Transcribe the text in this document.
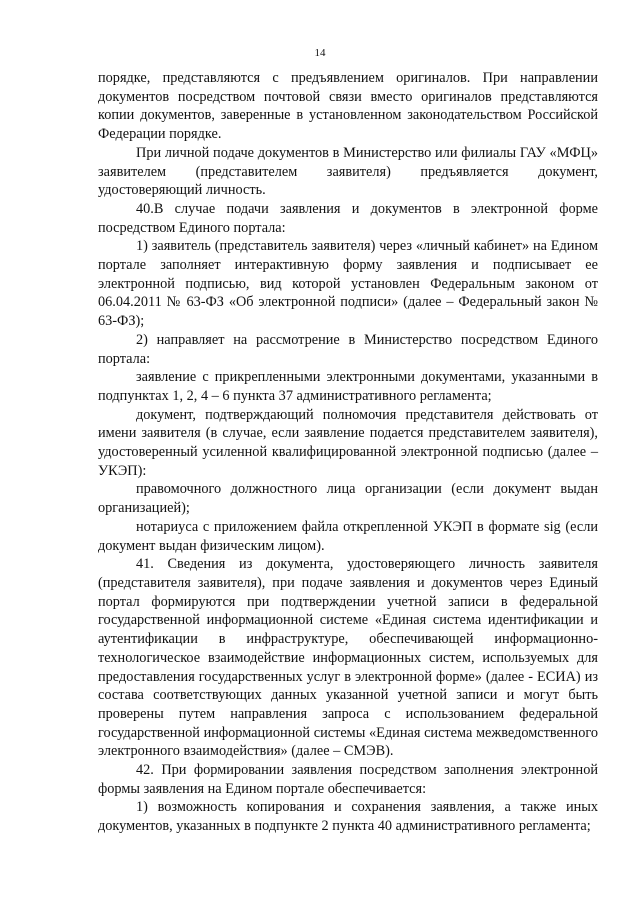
14

порядке, представляются с предъявлением оригиналов. При направлении документов посредством почтовой связи вместо оригиналов представляются копии документов, заверенные в установленном законодательством Российской Федерации порядке.

При личной подаче документов в Министерство или филиалы ГАУ «МФЦ» заявителем (представителем заявителя) предъявляется документ, удостоверяющий личность.

40.В случае подачи заявления и документов в электронной форме посредством Единого портала:

1) заявитель (представитель заявителя) через «личный кабинет» на Едином портале заполняет интерактивную форму заявления и подписывает ее электронной подписью, вид которой установлен Федеральным законом от 06.04.2011 № 63-ФЗ «Об электронной подписи» (далее – Федеральный закон № 63-ФЗ);

2) направляет на рассмотрение в Министерство посредством Единого портала:

заявление с прикрепленными электронными документами, указанными в подпунктах 1, 2, 4 – 6 пункта 37 административного регламента;

документ, подтверждающий полномочия представителя действовать от имени заявителя (в случае, если заявление подается представителем заявителя), удостоверенный усиленной квалифицированной электронной подписью (далее – УКЭП):

правомочного должностного лица организации (если документ выдан организацией);

нотариуса с приложением файла открепленной УКЭП в формате sig (если документ выдан физическим лицом).

41. Сведения из документа, удостоверяющего личность заявителя (представителя заявителя), при подаче заявления и документов через Единый портал формируются при подтверждении учетной записи в федеральной государственной информационной системе «Единая система идентификации и аутентификации в инфраструктуре, обеспечивающей информационно-технологическое взаимодействие информационных систем, используемых для предоставления государственных услуг в электронной форме» (далее - ЕСИА) из состава соответствующих данных указанной учетной записи и могут быть проверены путем направления запроса с использованием федеральной государственной информационной системы «Единая система межведомственного электронного взаимодействия» (далее – СМЭВ).

42. При формировании заявления посредством заполнения электронной формы заявления на Едином портале обеспечивается:

1) возможность копирования и сохранения заявления, а также иных документов, указанных в подпункте 2 пункта 40 административного регламента;
